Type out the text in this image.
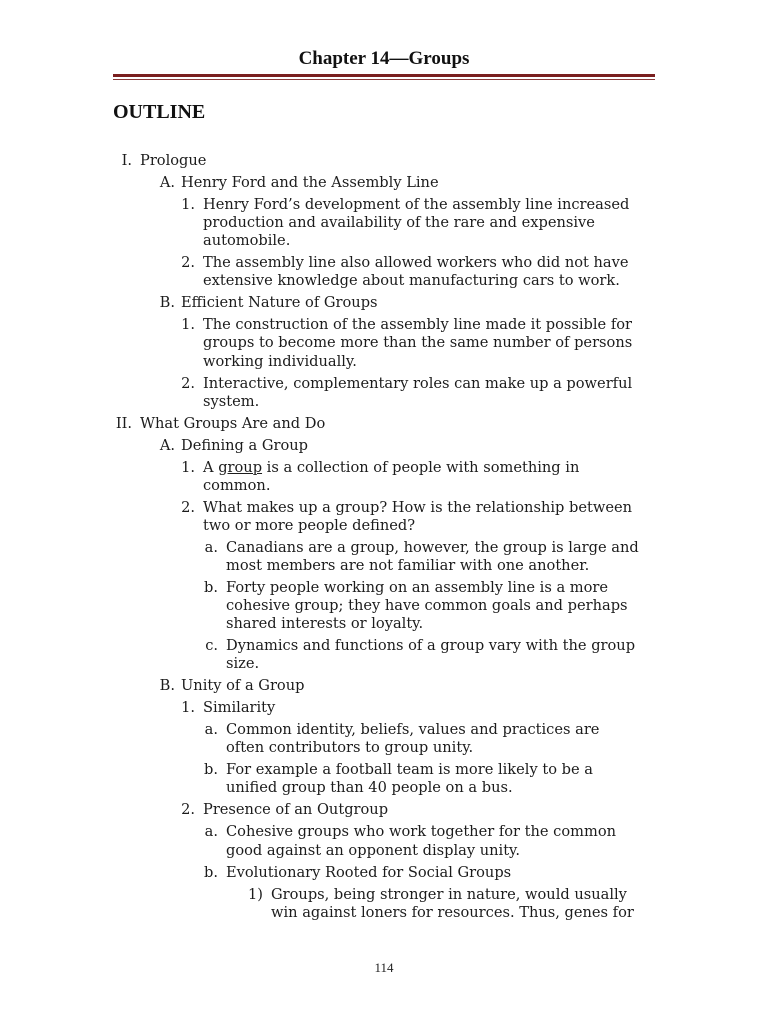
Chapter 14—Groups
OUTLINE
I. Prologue
A. Henry Ford and the Assembly Line
1. Henry Ford’s development of the assembly line increased
production and availability of the rare and expensive
automobile.
2. The assembly line also allowed workers who did not have
extensive knowledge about manufacturing cars to work.
B. Efficient Nature of Groups
1. The construction of the assembly line made it possible for
groups to become more than the same number of persons
working individually.
2. Interactive, complementary roles can make up a powerful
system.
II. What Groups Are and Do
A. Defining a Group
1. A group is a collection of people with something in
common.
2. What makes up a group? How is the relationship between
two or more people defined?
a. Canadians are a group, however, the group is large and
most members are not familiar with one another.
b. Forty people working on an assembly line is a more
cohesive group; they have common goals and perhaps
shared interests or loyalty.
c. Dynamics and functions of a group vary with the group
size.
B. Unity of a Group
1. Similarity
a. Common identity, beliefs, values and practices are
often contributors to group unity.
b. For example a football team is more likely to be a
unified group than 40 people on a bus.
2. Presence of an Outgroup
a. Cohesive groups who work together for the common
good against an opponent display unity.
b. Evolutionary Rooted for Social Groups
1) Groups, being stronger in nature, would usually
win against loners for resources. Thus, genes for
114
